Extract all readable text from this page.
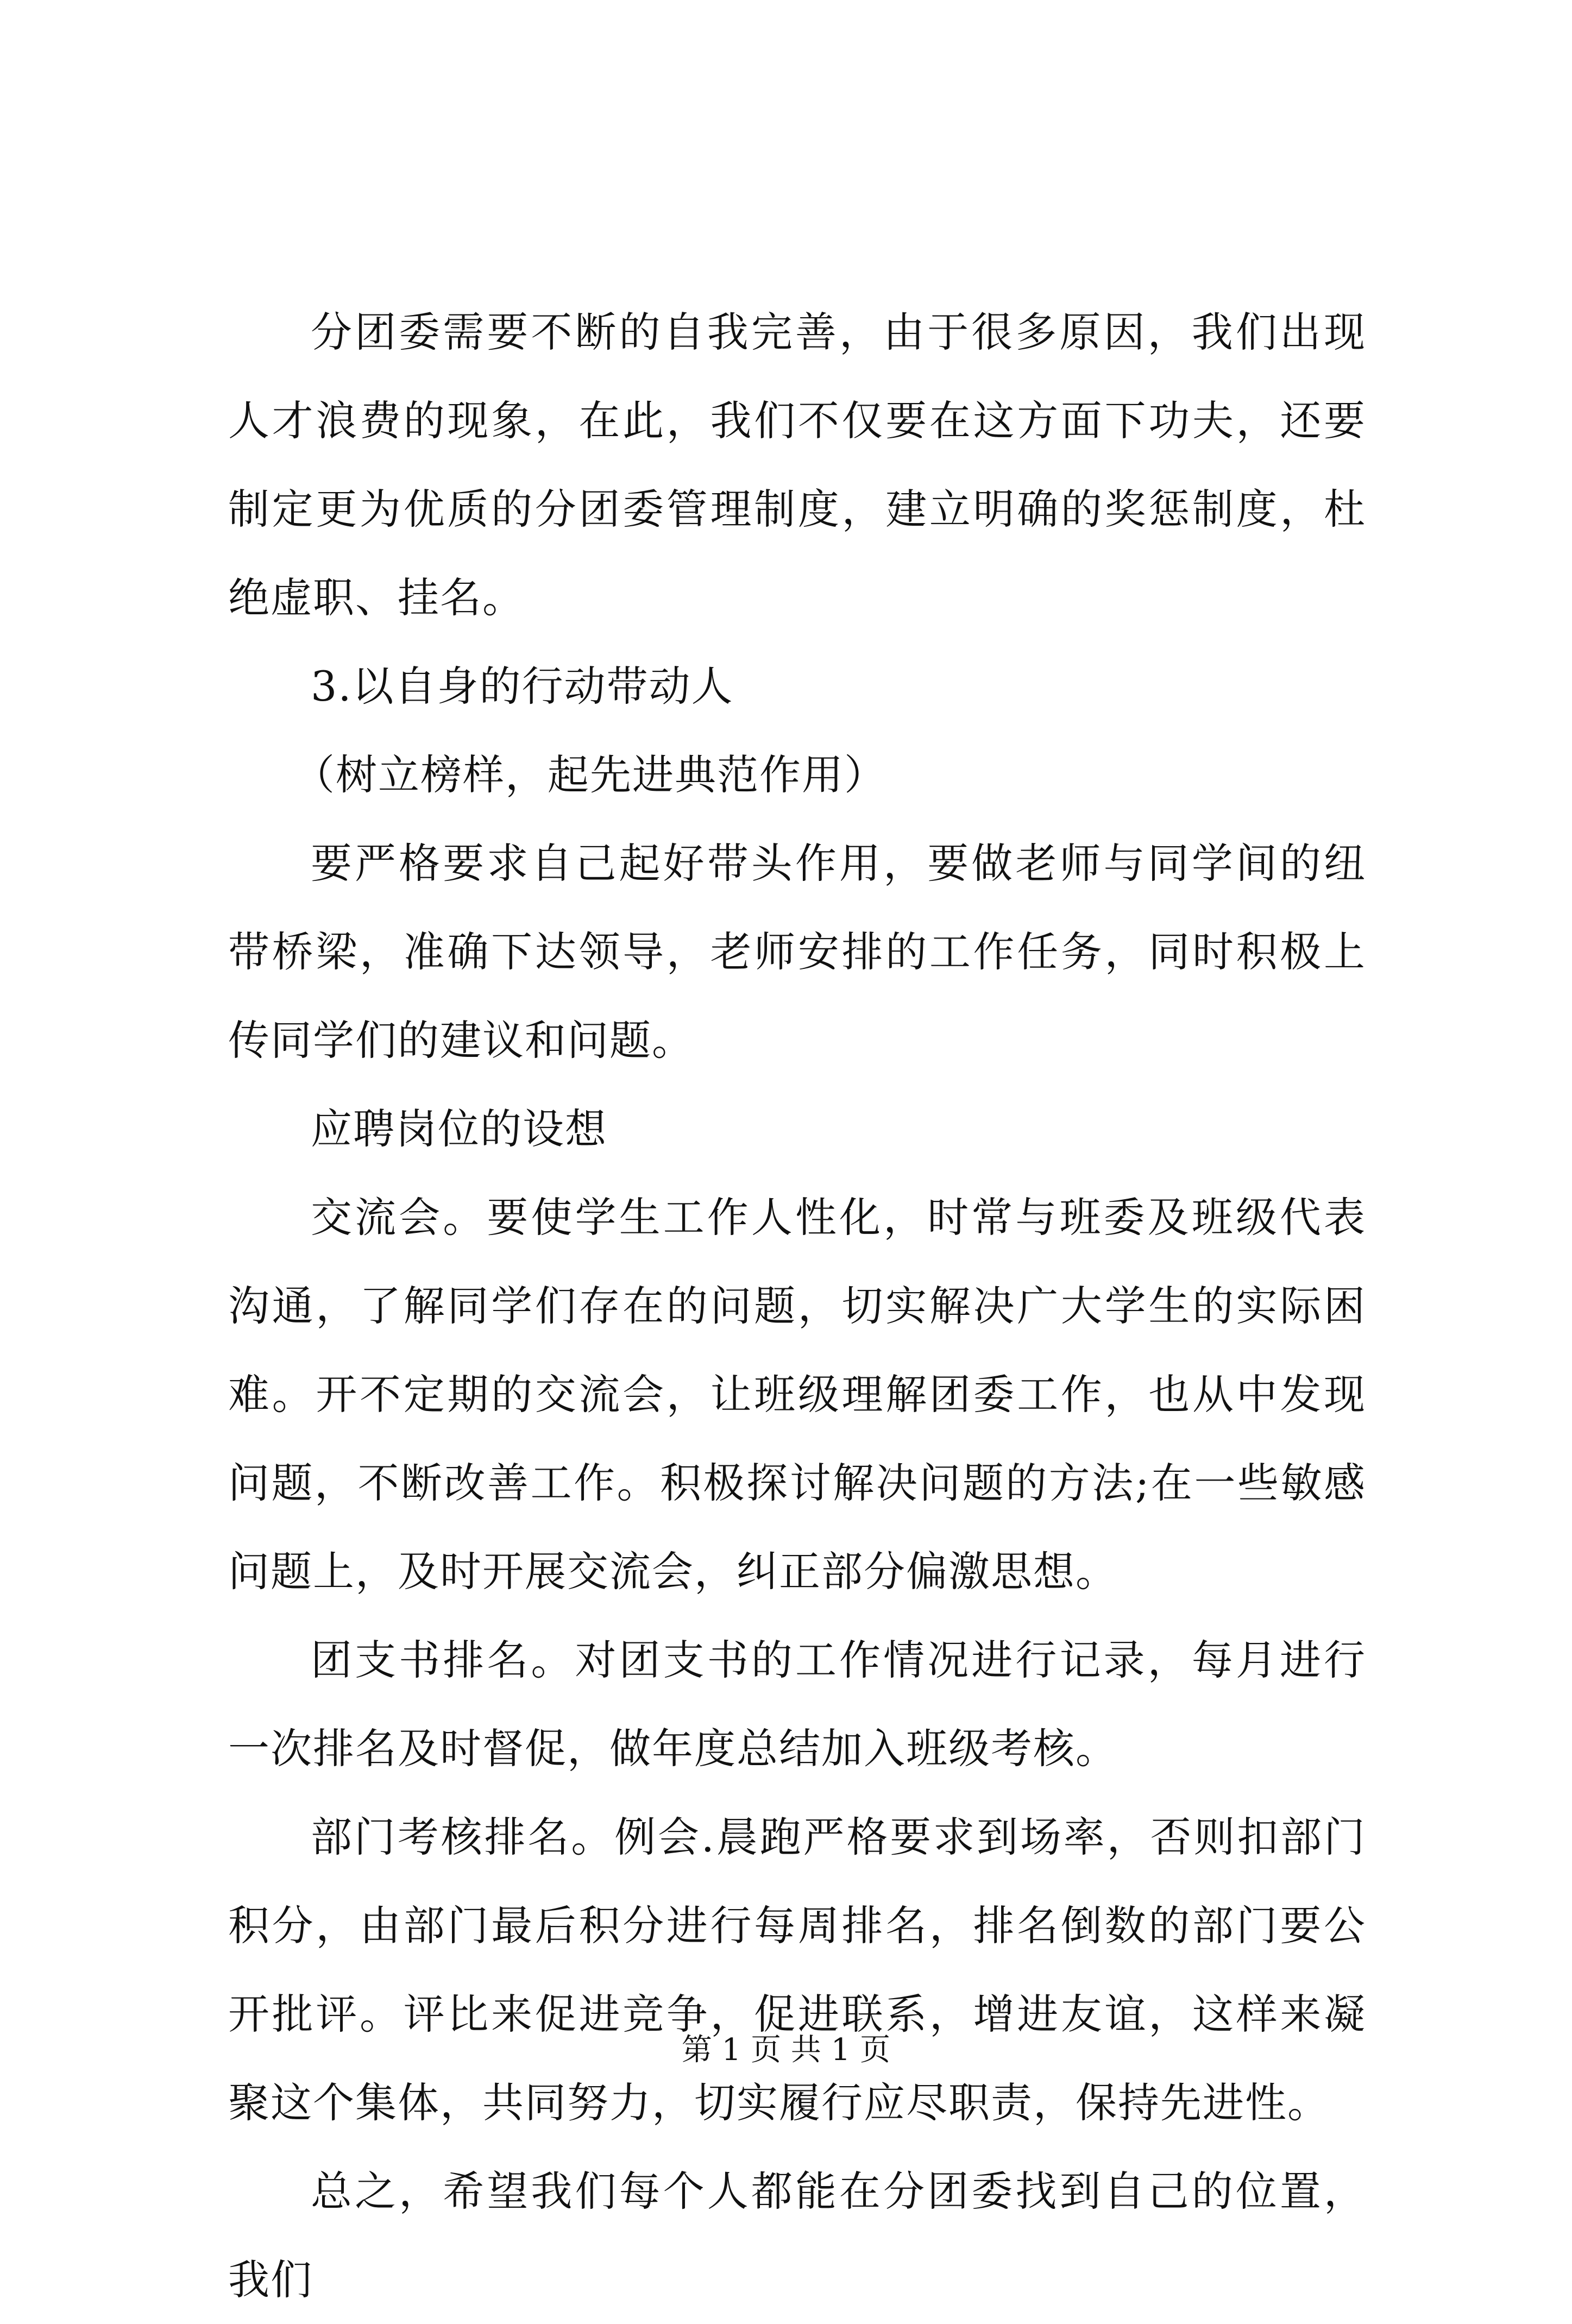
分团委需要不断的自我完善，由于很多原因，我们出现人才浪费的现象，在此，我们不仅要在这方面下功夫，还要制定更为优质的分团委管理制度，建立明确的奖惩制度，杜绝虚职、挂名。

3.以自身的行动带动人

（树立榜样，起先进典范作用）

要严格要求自己起好带头作用，要做老师与同学间的纽带桥梁，准确下达领导，老师安排的工作任务，同时积极上传同学们的建议和问题。

应聘岗位的设想

交流会。要使学生工作人性化，时常与班委及班级代表沟通，了解同学们存在的问题，切实解决广大学生的实际困难。开不定期的交流会，让班级理解团委工作，也从中发现问题，不断改善工作。积极探讨解决问题的方法;在一些敏感问题上，及时开展交流会，纠正部分偏激思想。

团支书排名。对团支书的工作情况进行记录，每月进行一次排名及时督促，做年度总结加入班级考核。

部门考核排名。例会.晨跑严格要求到场率，否则扣部门积分，由部门最后积分进行每周排名，排名倒数的部门要公开批评。评比来促进竞争，促进联系，增进友谊，这样来凝聚这个集体，共同努力，切实履行应尽职责，保持先进性。

总之，希望我们每个人都能在分团委找到自己的位置，我们

第 1 页 共 1 页
